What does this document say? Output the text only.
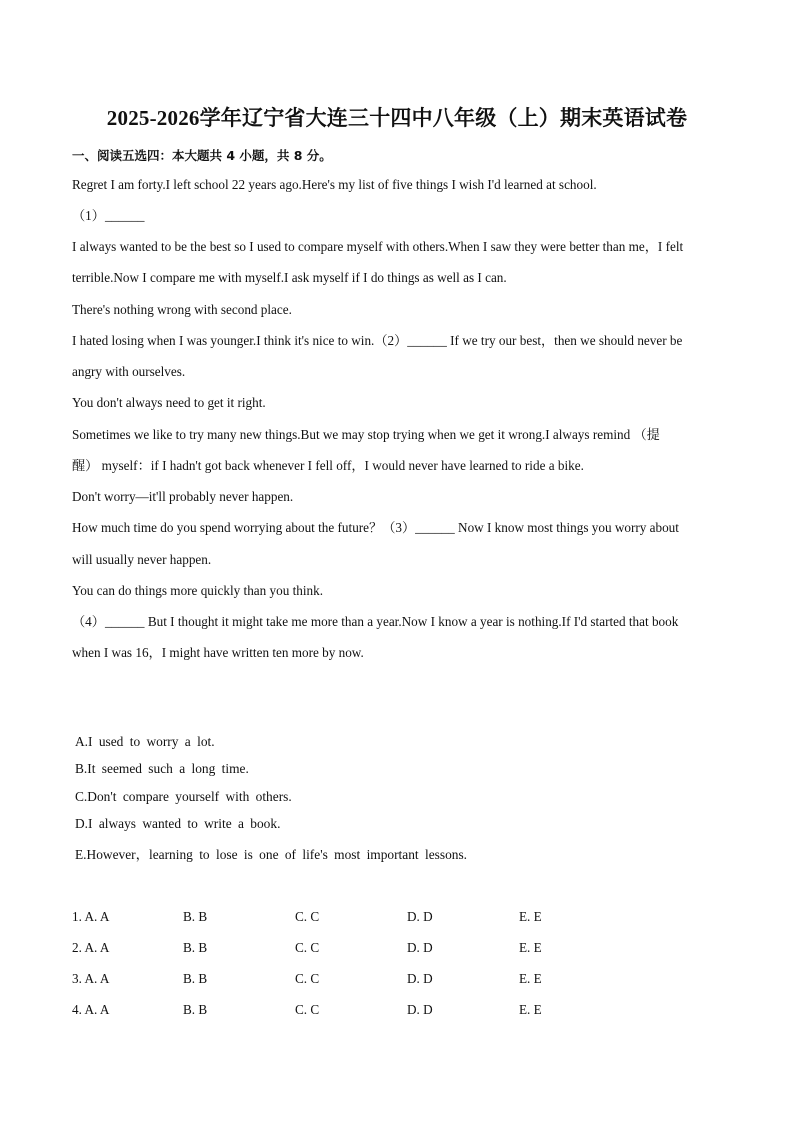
2025-2026学年辽宁省大连三十四中八年级（上）期末英语试卷
一、阅读五选四：本大题共 4 小题，共 8 分。
Regret I am forty.I left school 22 years ago.Here's my list of five things I wish I'd learned at school.
（1）______
I always wanted to be the best so I used to compare myself with others.When I saw they were better than me，I felt
terrible.Now I compare me with myself.I ask myself if I do things as well as I can.
There's nothing wrong with second place.
I hated losing when I was younger.I think it's nice to win.（2）______ If we try our best，then we should never be
angry with ourselves.
You don't always need to get it right.
Sometimes we like to try many new things.But we may stop trying when we get it wrong.I always remind （提
醒） myself：if I hadn't got back whenever I fell off，I would never have learned to ride a bike.
Don't worry—it'll probably never happen.
How much time do you spend worrying about the future？（3）______ Now I know most things you worry about
will usually never happen.
You can do things more quickly than you think.
（4）______ But I thought it might take me more than a year.Now I know a year is nothing.If I'd started that book
when I was 16，I might have written ten more by now.
A.I used to worry a lot.
B.It seemed such a long time.
C.Don't compare yourself with others.
D.I always wanted to write a book.
E.However，learning to lose is one of life's most important lessons.
1. A. A	B. B	C. C	D. D	E. E
2. A. A	B. B	C. C	D. D	E. E
3. A. A	B. B	C. C	D. D	E. E
4. A. A	B. B	C. C	D. D	E. E
